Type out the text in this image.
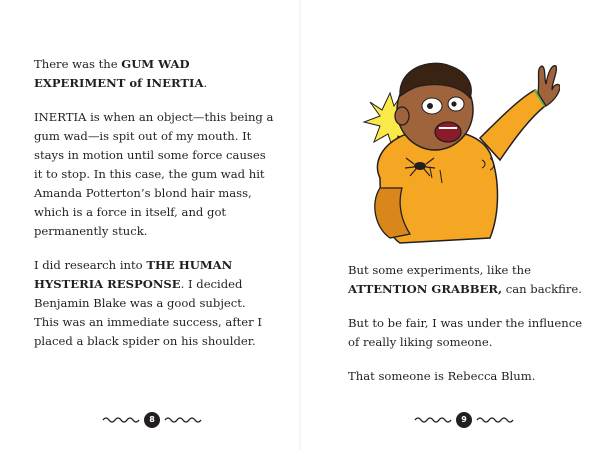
There was the GUM WAD EXPERIMENT of INERTIA.

INERTIA is when an object—this being a gum wad—is spit out of my mouth. It stays in motion until some force causes it to stop. In this case, the gum wad hit Amanda Potterton’s blond hair mass, which is a force in itself, and got permanently stuck.

I did research into THE HUMAN HYSTERIA RESPONSE. I decided Benjamin Blake was a good subject. This was an immediate success, after I placed a black spider on his shoulder.

8

But some experiments, like the ATTENTION GRABBER, can backfire.

But to be fair, I was under the influence of really liking someone.

That someone is Rebecca Blum.

9
